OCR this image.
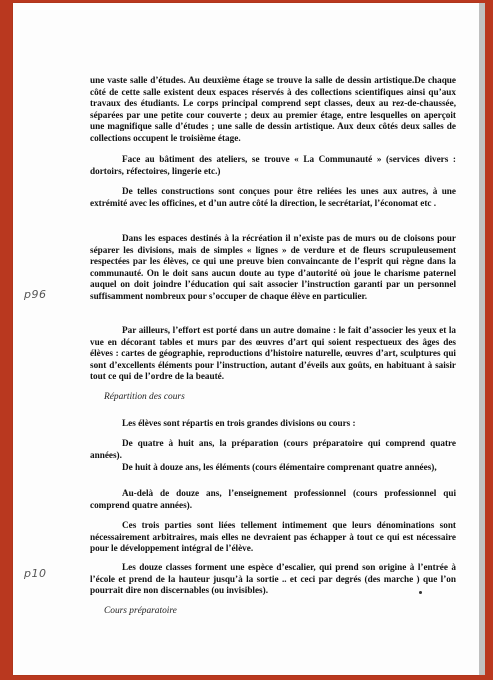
une vaste salle d’études. Au deuxième étage se trouve la salle de dessin artistique.De chaque côté de cette salle existent deux espaces réservés à des collections scientifiques ainsi qu’aux travaux des étudiants. Le corps principal comprend sept classes, deux au rez-de-chaussée, séparées par une petite cour couverte ; deux au premier étage, entre lesquelles on aperçoit une magnifique salle d’études ; une salle de dessin artistique. Aux deux côtés deux salles de collections occupent le troisième étage.

Face au bâtiment des ateliers, se trouve « La Communauté » (services divers : dortoirs, réfectoires, lingerie etc.)

De telles constructions sont conçues pour être reliées les unes aux autres, à une extrémité avec les officines, et d’un autre côté la direction, le secrétariat, l’économat etc .

Dans les espaces destinés à la récréation il n’existe pas de murs ou de cloisons pour séparer les divisions, mais de simples « lignes » de verdure et de fleurs scrupuleusement respectées par les élèves, ce qui une preuve bien convaincante de l’esprit qui règne dans la communauté. On le doit sans aucun doute au type d’autorité où joue le charisme paternel auquel on doit joindre l’éducation qui sait associer l’instruction garanti par un personnel suffisamment nombreux pour s’occuper de chaque élève en particulier.

Par ailleurs, l’effort est porté dans un autre domaine : le fait d’associer les yeux et la vue en décorant tables et murs par des œuvres d’art qui soient respectueux des âges des élèves : cartes de géographie, reproductions d’histoire naturelle, œuvres d’art, sculptures qui sont d’excellents éléments pour l’instruction, autant d’éveils aux goûts, en habituant à saisir tout ce qui de l’ordre de la beauté.

Répartition des cours

Les élèves sont répartis en trois grandes divisions ou cours :

De quatre à huit ans, la préparation (cours préparatoire qui comprend quatre années).

De huit à douze ans, les éléments (cours élémentaire comprenant quatre années),

Au-delà de douze ans, l’enseignement professionnel (cours professionnel qui comprend quatre années).

Ces trois parties sont liées tellement intimement que leurs dénominations sont nécessairement arbitraires, mais elles ne devraient pas échapper à tout ce qui est nécessaire pour le développement intégral de l’élève.

Les douze classes forment une espèce d’escalier, qui prend son origine à l’entrée à l’école et prend de la hauteur jusqu’à la sortie .. et ceci par degrés (des marche ) que l’on pourrait dire non discernables (ou invisibles).

Cours préparatoire

p96
p10
